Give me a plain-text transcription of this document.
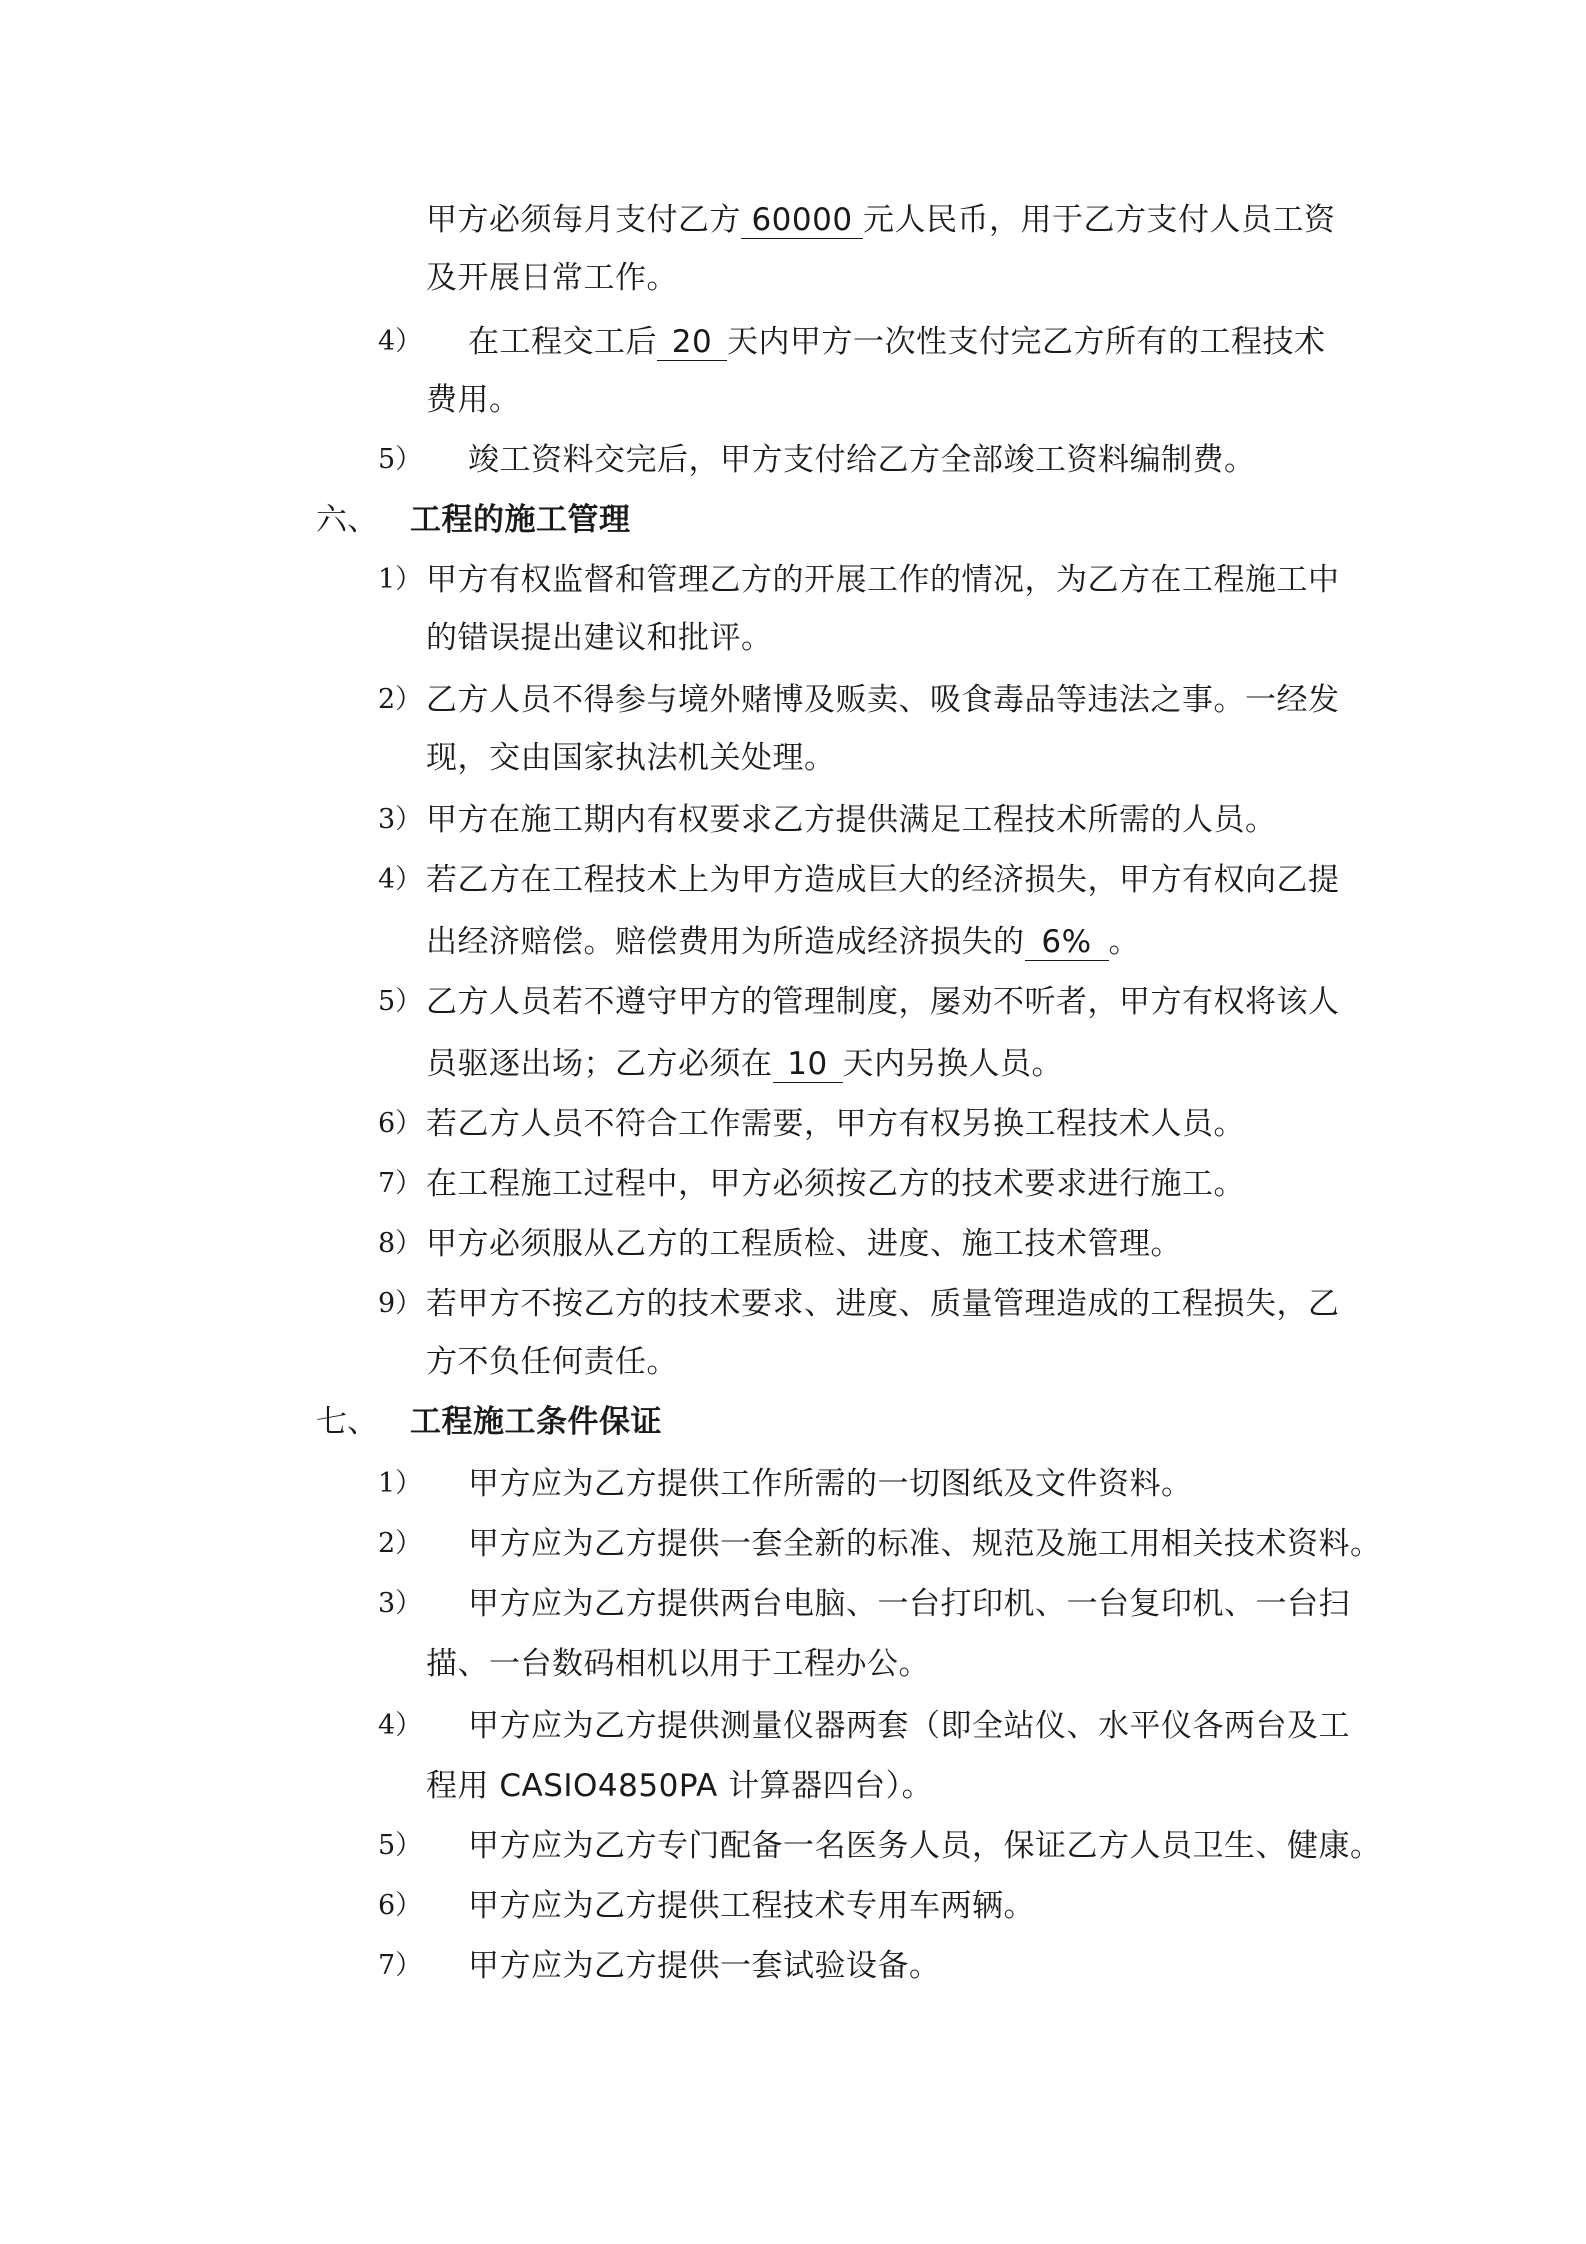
甲方必须每月支付乙方 60000 元人民币，用于乙方支付人员工资
及开展日常工作。
4） 在工程交工后 20 天内甲方一次性支付完乙方所有的工程技术
费用。
5） 竣工资料交完后，甲方支付给乙方全部竣工资料编制费。
六、 工程的施工管理
1） 甲方有权监督和管理乙方的开展工作的情况，为乙方在工程施工中
的错误提出建议和批评。
2） 乙方人员不得参与境外赌博及贩卖、吸食毒品等违法之事。一经发
现，交由国家执法机关处理。
3） 甲方在施工期内有权要求乙方提供满足工程技术所需的人员。
4） 若乙方在工程技术上为甲方造成巨大的经济损失，甲方有权向乙提
出经济赔偿。赔偿费用为所造成经济损失的 6% 。
5） 乙方人员若不遵守甲方的管理制度，屡劝不听者，甲方有权将该人
员驱逐出场；乙方必须在 10 天内另换人员。
6） 若乙方人员不符合工作需要，甲方有权另换工程技术人员。
7） 在工程施工过程中，甲方必须按乙方的技术要求进行施工。
8） 甲方必须服从乙方的工程质检、进度、施工技术管理。
9） 若甲方不按乙方的技术要求、进度、质量管理造成的工程损失，乙
方不负任何责任。
七、 工程施工条件保证
1） 甲方应为乙方提供工作所需的一切图纸及文件资料。
2） 甲方应为乙方提供一套全新的标准、规范及施工用相关技术资料。
3） 甲方应为乙方提供两台电脑、一台打印机、一台复印机、一台扫
描、一台数码相机以用于工程办公。
4） 甲方应为乙方提供测量仪器两套（即全站仪、水平仪各两台及工
程用 CASIO4850PA 计算器四台）。
5） 甲方应为乙方专门配备一名医务人员，保证乙方人员卫生、健康。
6） 甲方应为乙方提供工程技术专用车两辆。
7） 甲方应为乙方提供一套试验设备。
